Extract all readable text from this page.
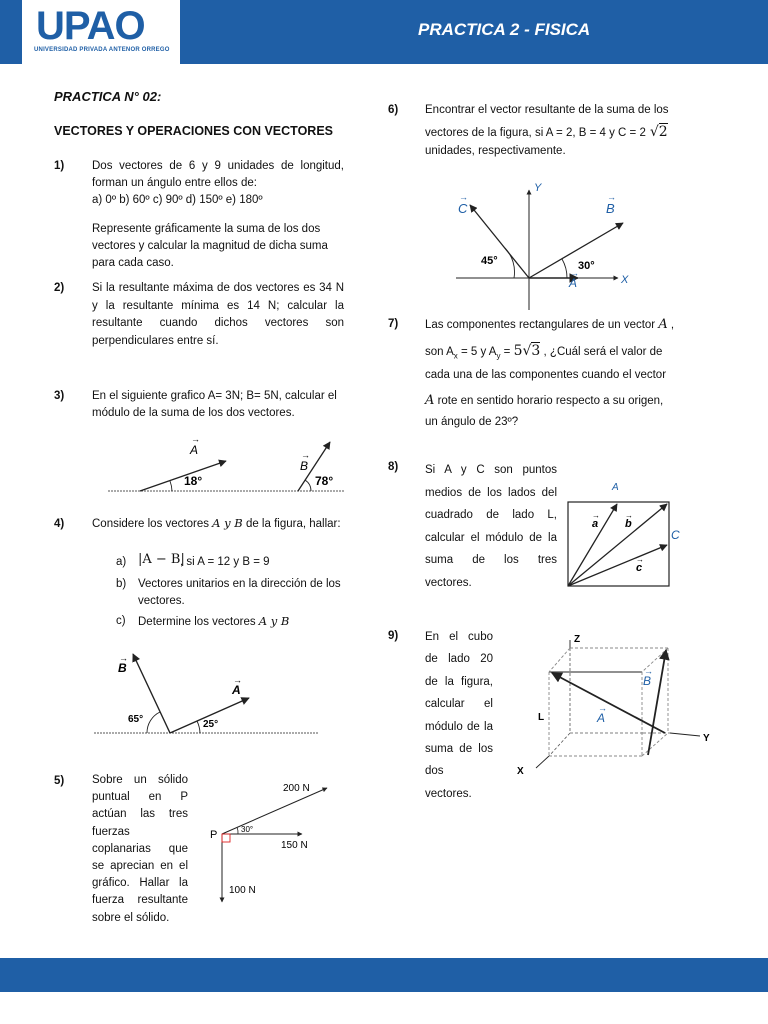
UPAO
UNIVERSIDAD PRIVADA ANTENOR ORREGO
PRACTICA 2 - FISICA
PRACTICA N° 02:
VECTORES Y OPERACIONES CON VECTORES
1) Dos vectores de 6 y 9 unidades de longitud, forman un ángulo entre ellos de:
a) 0º b) 60º c) 90º d) 150º e) 180º
Represente gráficamente la suma de los dos vectores y calcular la magnitud de dicha suma para cada caso.
2) Si la resultante máxima de dos vectores es 34 N y la resultante mínima es 14 N; calcular la resultante cuando dichos vectores son perpendiculares entre sí.
3) En el siguiente grafico A= 3N; B= 5N, calcular el módulo de la suma de los dos vectores.
A
→
B
→
18°	78°
4) Considere los vectores A y B de la figura, hallar:
a) |A − B|
, si A = 12 y B = 9
b) Vectores unitarios en la dirección de los vectores.
c) Determine los vectores A y B
B
→
A
→
65°	25°
5) Sobre un sólido puntual en P actúan las tres fuerzas coplanarias que se aprecian en el gráfico. Hallar la fuerza resultante sobre el sólido.
P
200 N
150 N
100 N
30°
6) Encontrar el vector resultante de la suma de los
vectores de la figura, si A = 2, B = 4 y C = 2 √2
unidades, respectivamente.
Y
X
C
→
B
→
A
→
45°	30°
7) Las componentes rectangulares de un vector A ,
son $A_x = 5$ y $A_y = 5√3$ , ¿Cuál será el valor de
cada una de las componentes cuando el vector
A rote en sentido horario respecto a su origen,
un ángulo de 23º?
8) Si A y C son puntos medios de los lados del cuadrado de lado L, calcular el módulo de la suma de los tres vectores.
A
C
a
→
b
→
c
→
9) En el cubo de lado 20 de la figura, calcular el módulo de la suma de los dos vectores.
Z
Y
X
L	A
→
B
→
